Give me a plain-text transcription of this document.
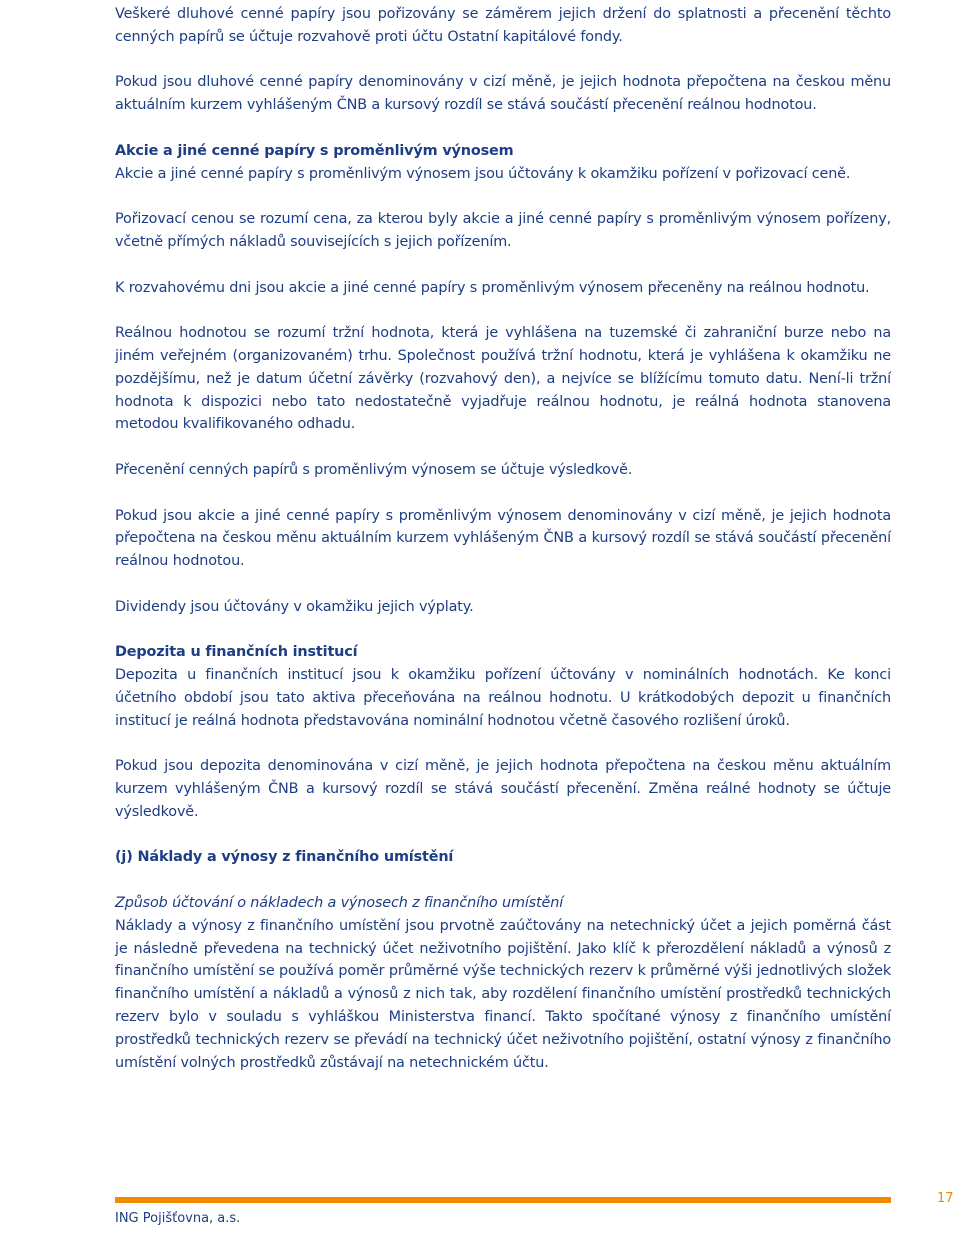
Veškeré dluhové cenné papíry jsou pořizovány se záměrem jejich držení do splatnosti a přecenění těchto cenných papírů se účtuje rozvahově proti účtu Ostatní kapitálové fondy.

Pokud jsou dluhové cenné papíry denominovány v cizí měně, je jejich hodnota přepočtena na českou měnu aktuálním kurzem vyhlášeným ČNB a kursový rozdíl se stává součástí přecenění reálnou hodnotou.

Akcie a jiné cenné papíry s proměnlivým výnosem

Akcie a jiné cenné papíry s proměnlivým výnosem jsou účtovány k okamžiku pořízení v pořizovací ceně.

Pořizovací cenou se rozumí cena, za kterou byly akcie a jiné cenné papíry s proměnlivým výnosem pořízeny, včetně přímých nákladů souvisejících s jejich pořízením.

K rozvahovému dni jsou akcie a jiné cenné papíry s proměnlivým výnosem přeceněny na reálnou hodnotu.

Reálnou hodnotou se rozumí tržní hodnota, která je vyhlášena na tuzemské či zahraniční burze nebo na jiném veřejném (organizovaném) trhu. Společnost používá tržní hodnotu, která je vyhlášena k okamžiku ne pozdějšímu, než je datum účetní závěrky (rozvahový den), a nejvíce se blížícímu tomuto datu. Není-li tržní hodnota k dispozici nebo tato nedostatečně vyjadřuje reálnou hodnotu, je reálná hodnota stanovena metodou kvalifikovaného odhadu.

Přecenění cenných papírů s proměnlivým výnosem se účtuje výsledkově.

Pokud jsou akcie a jiné cenné papíry s proměnlivým výnosem denominovány v cizí měně, je jejich hodnota přepočtena na českou měnu aktuálním kurzem vyhlášeným ČNB a kursový rozdíl se stává součástí přecenění reálnou hodnotou.

Dividendy jsou účtovány v okamžiku jejich výplaty.

Depozita u finančních institucí

Depozita u finančních institucí jsou k okamžiku pořízení účtovány v nominálních hodnotách. Ke konci účetního období jsou tato aktiva přeceňována na reálnou hodnotu. U krátkodobých depozit u finančních institucí je reálná hodnota představována nominální hodnotou včetně časového rozlišení úroků.

Pokud jsou depozita denominována v cizí měně, je jejich hodnota přepočtena na českou měnu aktuálním kurzem vyhlášeným ČNB a kursový rozdíl se stává součástí přecenění. Změna reálné hodnoty se účtuje výsledkově.

(j) Náklady a výnosy z finančního umístění

Způsob účtování o nákladech a výnosech z finančního umístění

Náklady a výnosy z finančního umístění jsou prvotně zaúčtovány na netechnický účet a jejich poměrná část je následně převedena na technický účet neživotního pojištění. Jako klíč k přerozdělení nákladů a výnosů z finančního umístění se používá poměr průměrné výše technických rezerv k průměrné výši jednotlivých složek finančního umístění a nákladů a výnosů z nich tak, aby rozdělení finančního umístění prostředků technických rezerv bylo v souladu s vyhláškou Ministerstva financí. Takto spočítané výnosy z finančního umístění prostředků technických rezerv se převádí na technický účet neživotního pojištění, ostatní výnosy z finančního umístění volných prostředků zůstávají na netechnickém účtu.

17
ING Pojišťovna, a.s.
